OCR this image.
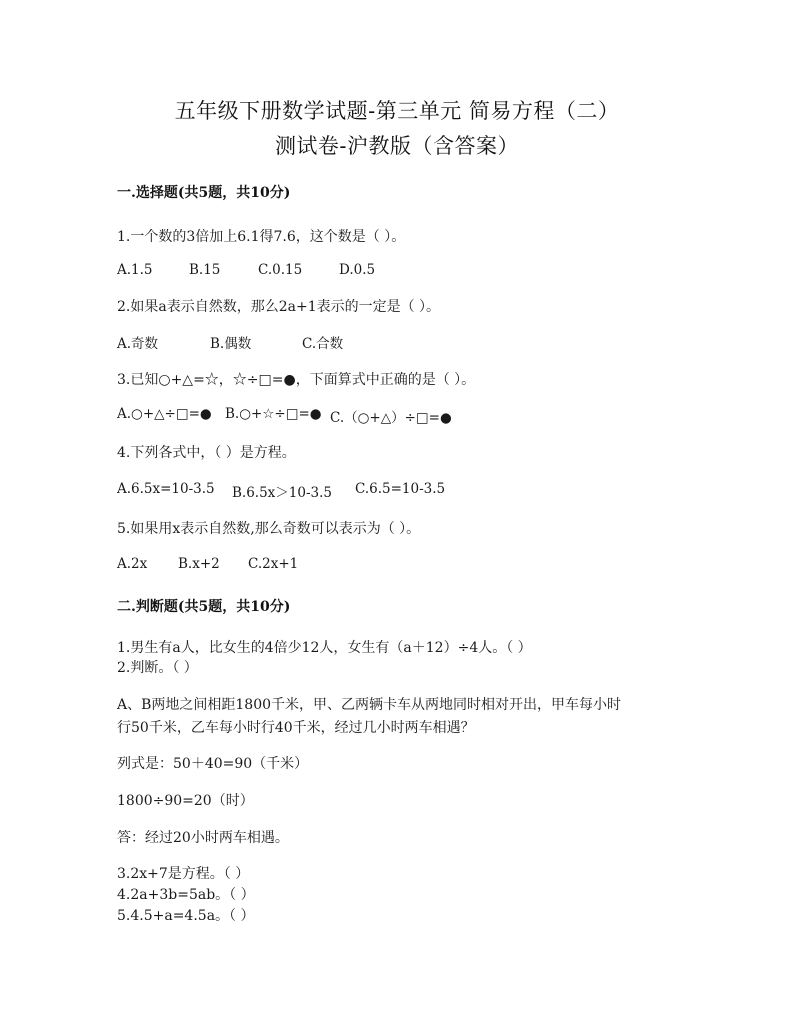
五年级下册数学试题-第三单元 简易方程（二）
测试卷-沪教版（含答案）
一.选择题(共5题，共10分)
1.一个数的3倍加上6.1得7.6，这个数是（ ）。
A.1.5	B.15	C.0.15	D.0.5
2.如果a表示自然数，那么2a+1表示的一定是（ ）。
A.奇数	B.偶数	C.合数
3.已知○+△=☆，☆÷□=●，下面算式中正确的是（ ）。
A.○+△÷□=● B.○+☆÷□=● C.（○+△）÷□=●
4.下列各式中，（ ）是方程。
A.6.5x=10-3.5 B.6.5x＞10-3.5 C.6.5=10-3.5
5.如果用x表示自然数,那么奇数可以表示为（ ）。
A.2x B.x+2 C.2x+1
二.判断题(共5题，共10分)
1.男生有a人，比女生的4倍少12人，女生有（a＋12）÷4人。（ ）
2.判断。（ ）
A、B两地之间相距1800千米，甲、乙两辆卡车从两地同时相对开出，甲车每小时
行50千米，乙车每小时行40千米，经过几小时两车相遇？
列式是：50＋40=90（千米）
1800÷90=20（时）
答：经过20小时两车相遇。
3.2x+7是方程。（ ）
4.2a+3b=5ab。（ ）
5.4.5+a=4.5a。（ ）
